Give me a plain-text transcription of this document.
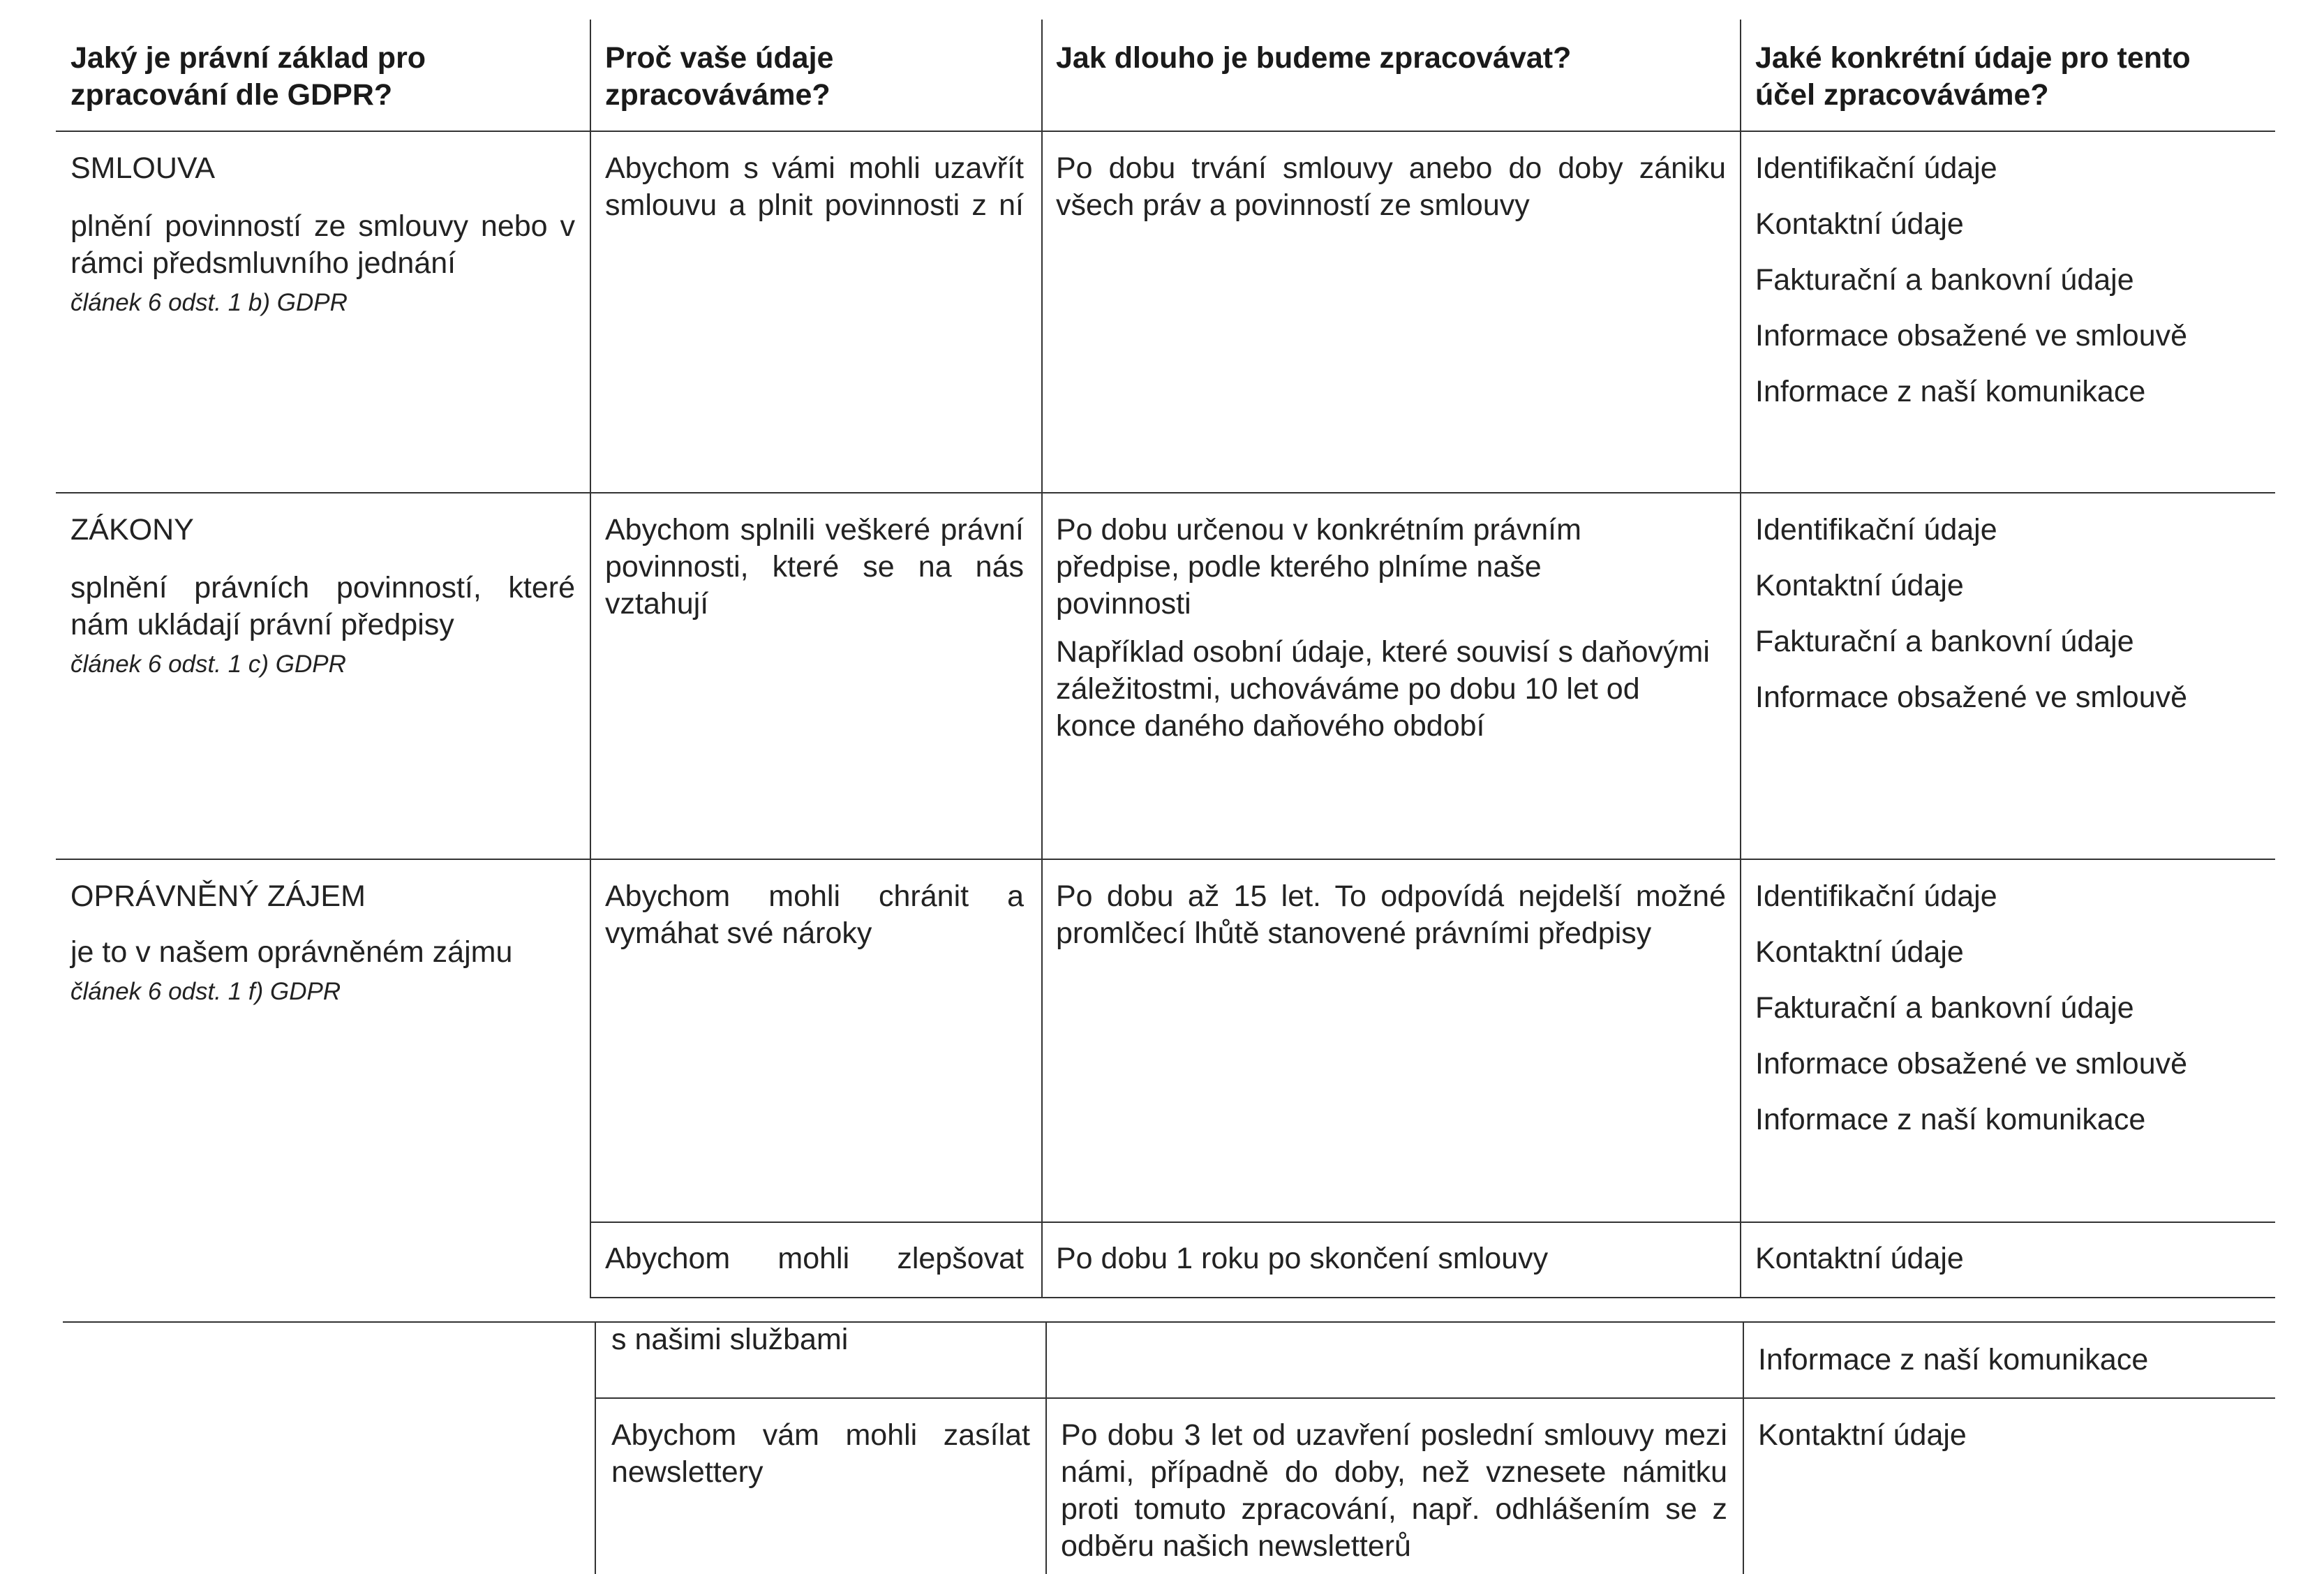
Jaký je právní základ pro zpracování dle GDPR?
Proč vaše údaje zpracováváme?
Jak dlouho je budeme zpracovávat?	Jaké konkrétní údaje pro tento účel zpracováváme?
SMLOUVA
plnění povinností ze smlouvy nebo v rámci předsmluvního jednání
článek 6 odst. 1 b) GDPR
Abychom s vámi mohli uzavřít smlouvu a plnit povinnosti z ní
Po dobu trvání smlouvy anebo do doby zániku všech práv a povinností ze smlouvy
Identifikační údaje
Kontaktní údaje
Fakturační a bankovní údaje
Informace obsažené ve smlouvě
Informace z naší komunikace
ZÁKONY
splnění právních povinností, které nám ukládají právní předpisy
článek 6 odst. 1 c) GDPR
Abychom splnili veškeré právní povinnosti, které se na nás vztahují
Po dobu určenou v konkrétním právním předpise, podle kterého plníme naše povinnosti
Například osobní údaje, které souvisí s daňovými záležitostmi, uchováváme po dobu 10 let od konce daného daňového období
Identifikační údaje
Kontaktní údaje
Fakturační a bankovní údaje
Informace obsažené ve smlouvě
OPRÁVNĚNÝ ZÁJEM
je to v našem oprávněném zájmu
článek 6 odst. 1 f) GDPR
Abychom mohli chránit a vymáhat své nároky
Po dobu až 15 let. To odpovídá nejdelší možné promlčecí lhůtě stanovené právními předpisy
Identifikační údaje
Kontaktní údaje
Fakturační a bankovní údaje
Informace obsažené ve smlouvě
Informace z naší komunikace
Abychom mohli zlepšovat Po dobu 1 roku po skončení smlouvy	Kontaktní údaje
s našimi službami
Informace z naší komunikace
Abychom vám mohli zasílat newslettery
Po dobu 3 let od uzavření poslední smlouvy mezi námi, případně do doby, než vznesete námitku proti tomuto zpracování, např. odhlášením se z odběru našich newsletterů
Kontaktní údaje
